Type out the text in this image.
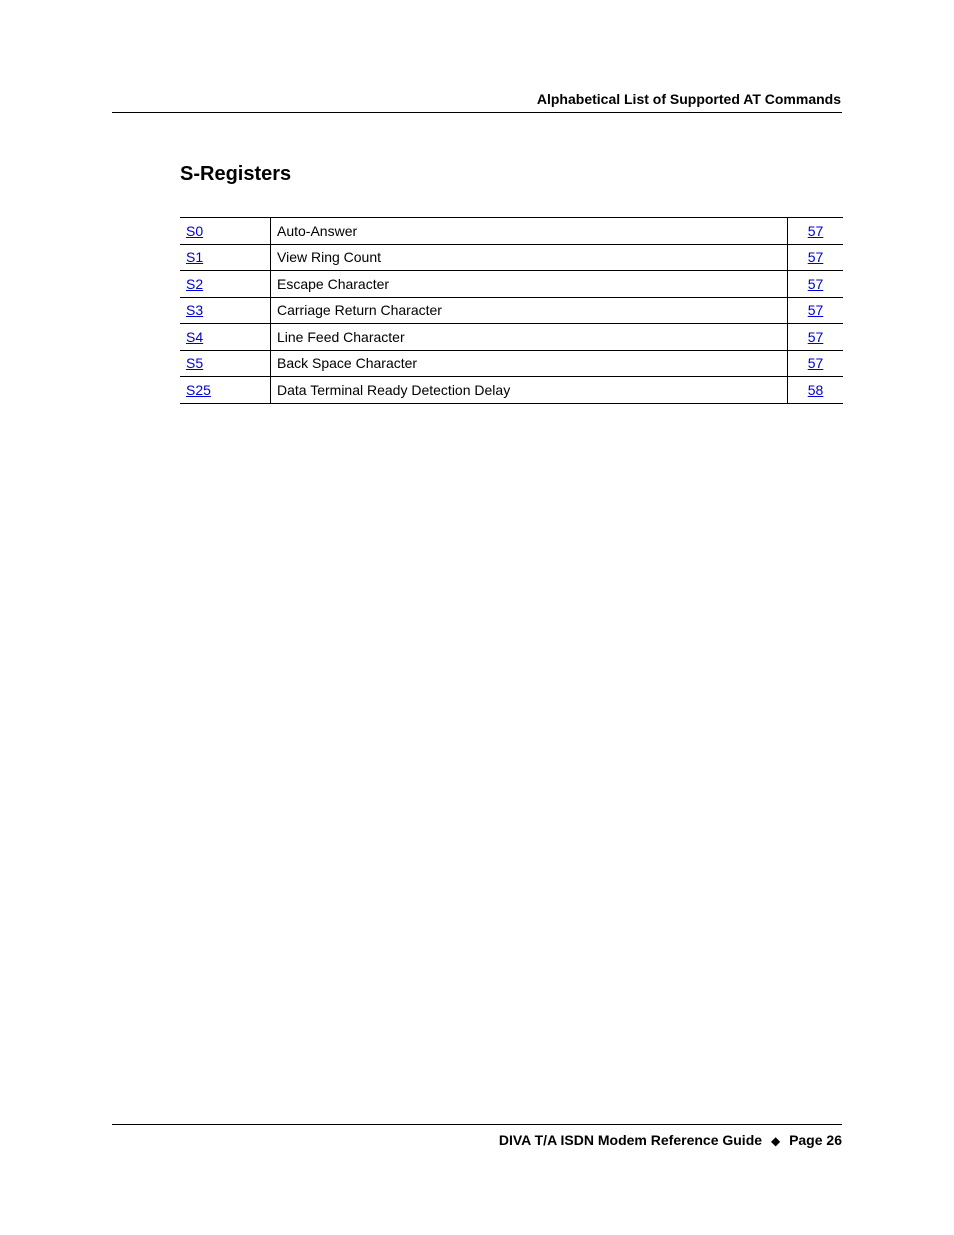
Alphabetical List of Supported AT Commands
S-Registers
S0	Auto-Answer	57
S1	View Ring Count	57
S2	Escape Character	57
S3	Carriage Return Character	57
S4	Line Feed Character	57
S5	Back Space Character	57
S25	Data Terminal Ready Detection Delay	58
DIVA T/A ISDN Modem Reference Guide ◆ Page 26
